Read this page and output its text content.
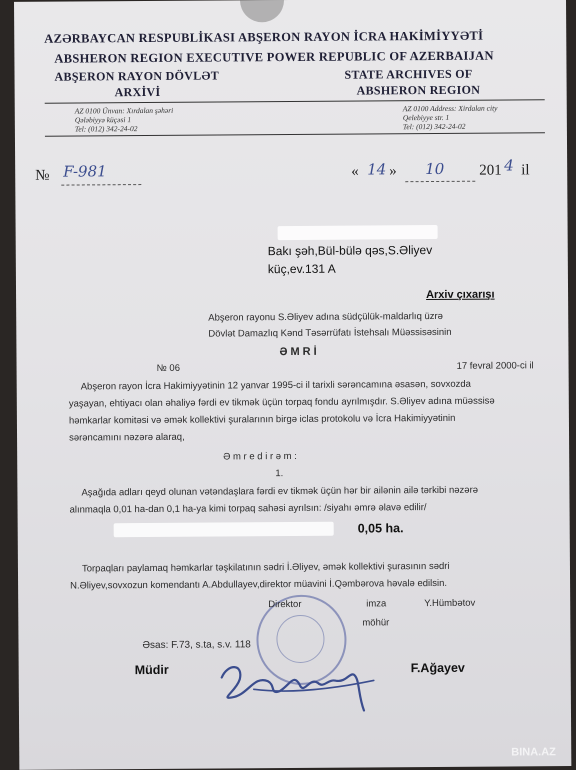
AZƏRBAYCAN RESPUBLİKASI ABŞERON RAYON İCRA HAKİMİYYƏTİ
ABSHERON REGION EXECUTIVE POWER REPUBLIC OF AZERBAIJAN
ABŞERON RAYON DÖVLƏT
ARXİVİ
STATE ARCHIVES OF
ABSHERON REGION
AZ 0100 Ünvan: Xırdalan şəhəri
Qələbiyyə küçəsi 1
Tel: (012) 342-24-02
AZ 0100 Address: Xirdalan city
Qelebiyye str. 1
Tel: (012) 342-24-02
№ F-981	« 14 » 10 201 4 il
Bakı şəh,Bül-bülə qəs,S.Əliyev
küç,ev.131 A
Arxiv çıxarışı
Abşeron rayonu S.Əliyev adına südçülük-maldarlıq üzrə
Dövlət Damazlıq Kənd Təsərrüfatı İstehsalı Müəssisəsinin
ƏMRİ
№ 06	17 fevral 2000-ci il
Abşeron rayon İcra Hakimiyyətinin 12 yanvar 1995-ci il tarixli sərəncamına əsasən, sovxozda
yaşayan, ehtiyacı olan əhaliyə fərdi ev tikmək üçün torpaq fondu ayrılmışdır. S.Əliyev adına müəssisə
həmkarlar komitəsi və əmək kollektivi şuralarının birgə iclas protokolu və İcra Hakimiyyətinin
sərəncamını nəzərə alaraq,
Ə m r e d i r ə m :
1.
Aşağıda adları qeyd olunan vətəndaşlara fərdi ev tikmək üçün hər bir ailənin ailə tərkibi nəzərə
alınmaqla 0,01 ha-dan 0,1 ha-ya kimi torpaq sahəsi ayrılsın: /siyahı əmrə əlavə edilir/
0,05 ha.
Torpaqları paylamaq həmkarlar təşkilatının sədri İ.Əliyev, əmək kollektivi şurasının sədri
N.Əliyev,sovxozun komendantı A.Abdullayev,direktor müavini İ.Qəmbərova həvalə edilsin.
Direktor	imza	Y.Hümbətov
möhür
Əsas: F.73, s.ta, s.v. 118
Müdir	F.Ağayev
BINA.AZ
